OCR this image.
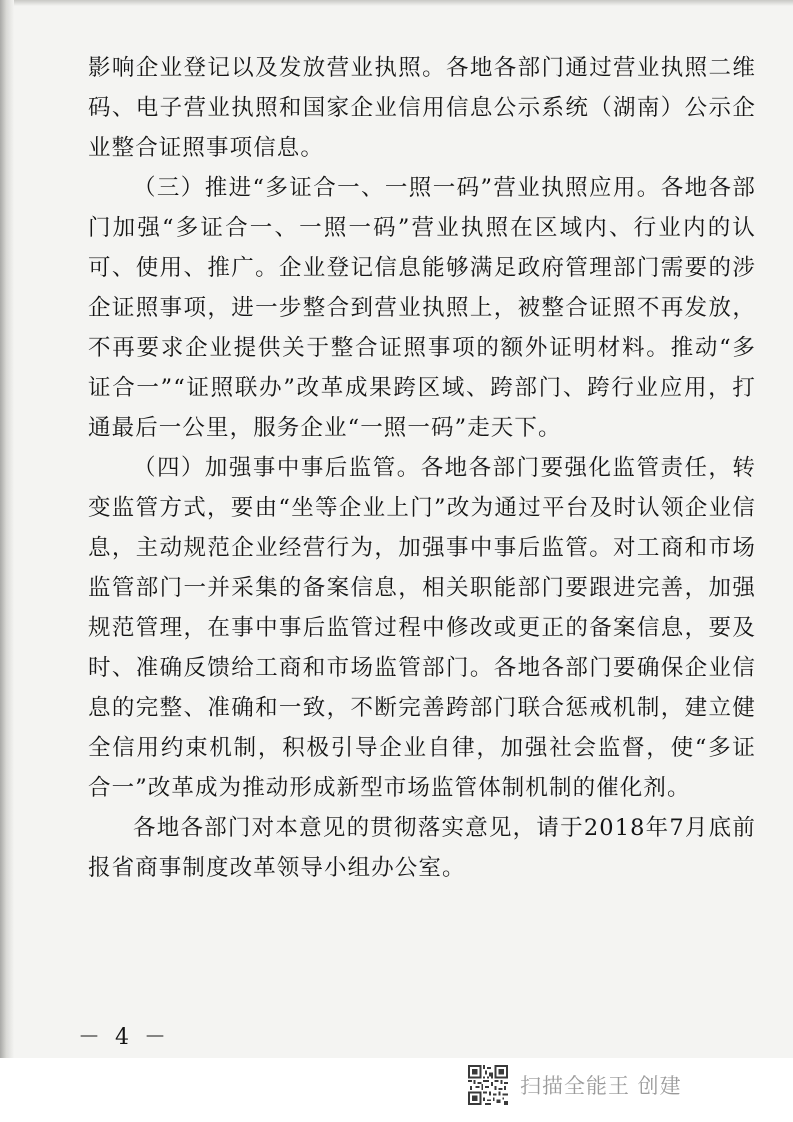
影响企业登记以及发放营业执照。各地各部门通过营业执照二维码、电子营业执照和国家企业信用信息公示系统（湖南）公示企业整合证照事项信息。

（三）推进“多证合一、一照一码”营业执照应用。各地各部门加强“多证合一、一照一码”营业执照在区域内、行业内的认可、使用、推广。企业登记信息能够满足政府管理部门需要的涉企证照事项，进一步整合到营业执照上，被整合证照不再发放，不再要求企业提供关于整合证照事项的额外证明材料。推动“多证合一”“证照联办”改革成果跨区域、跨部门、跨行业应用，打通最后一公里，服务企业“一照一码”走天下。

（四）加强事中事后监管。各地各部门要强化监管责任，转变监管方式，要由“坐等企业上门”改为通过平台及时认领企业信息，主动规范企业经营行为，加强事中事后监管。对工商和市场监管部门一并采集的备案信息，相关职能部门要跟进完善，加强规范管理，在事中事后监管过程中修改或更正的备案信息，要及时、准确反馈给工商和市场监管部门。各地各部门要确保企业信息的完整、准确和一致，不断完善跨部门联合惩戒机制，建立健全信用约束机制，积极引导企业自律，加强社会监督，使“多证合一”改革成为推动形成新型市场监管体制机制的催化剂。

各地各部门对本意见的贯彻落实意见，请于2018年7月底前报省商事制度改革领导小组办公室。

－ 4 －
扫描全能王 创建
